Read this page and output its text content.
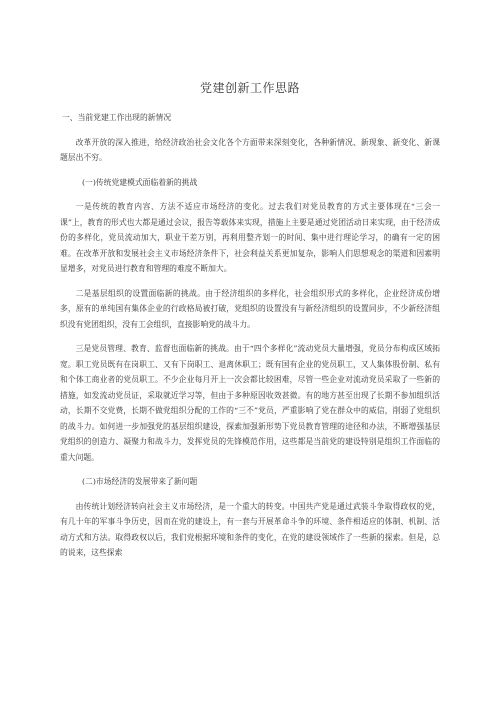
党建创新工作思路

一、当前党建工作出现的新情况

改革开放的深入推进，给经济政治社会文化各个方面带来深刻变化，各种新情况、新现象、新变化、新课题层出不穷。

(一)传统党建模式面临着新的挑战

一是传统的教育内容、方法不适应市场经济的变化。过去我们对党员教育的方式主要体现在“三会一课”上，教育的形式也大都是通过会议，报告等载体来实现，措施上主要是通过党团活动日来实现，由于经济成份的多样化，党员流动加大，职业干差万别，再利用整齐划一的时间、集中进行理论学习，的确有一定的困难。在改革开放和发展社会主义市场经济条件下，社会利益关系更加复杂，影响人们思想观念的渠道和因素明显增多，对党员进行教育和管理的难度不断加大。

二是基层组织的设置面临新的挑战。由于经济组织的多样化，社会组织形式的多样化，企业经济成份增多，原有的单纯国有集体企业的行政格局被打破，党组织的设置没有与新经济组织的设置同步，不少新经济组织没有党团组织，没有工会组织，直接影响党的战斗力。

三是党员管理、教育、监督也面临新的挑战。由于“四个多样化”流动党员大量增强，党员分布构成区域拓宽。职工党员既有在岗职工、又有下岗职工、退离休职工；既有国有企业的党员职工，又人集体股份制、私有和个体工商业者的党员职工。不少企业每月开上一次会都比较困难，尽管一些企业对流动党员采取了一些新的措施，如发流动党员证，采取就近学习等，但由于多种原因收效甚微。有的地方甚至出现了长期不参加组织活动，长期不交党费，长期不做党组织分配的工作的“三不”党员，严重影响了党在群众中的威信，削弱了党组织的战斗力。如何进一步加强党的基层组织建设，探索加强新形势下党员教育管理的途径和办法，不断增强基层党组织的创造力、凝聚力和战斗力，发挥党员的先锋模范作用，这些都是当前党的建设特别是组织工作面临的重大问题。

(二)市场经济的发展带来了新问题

由传统计划经济转向社会主义市场经济，是一个重大的转变。中国共产党是通过武装斗争取得政权的党，有几十年的军事斗争历史，因而在党的建设上，有一套与开展革命斗争的环境、条件相适应的体制、机制、活动方式和方法。取得政权以后，我们党根据环境和条件的变化，在党的建设领域作了一些新的探索。但是，总的说来，这些探索
